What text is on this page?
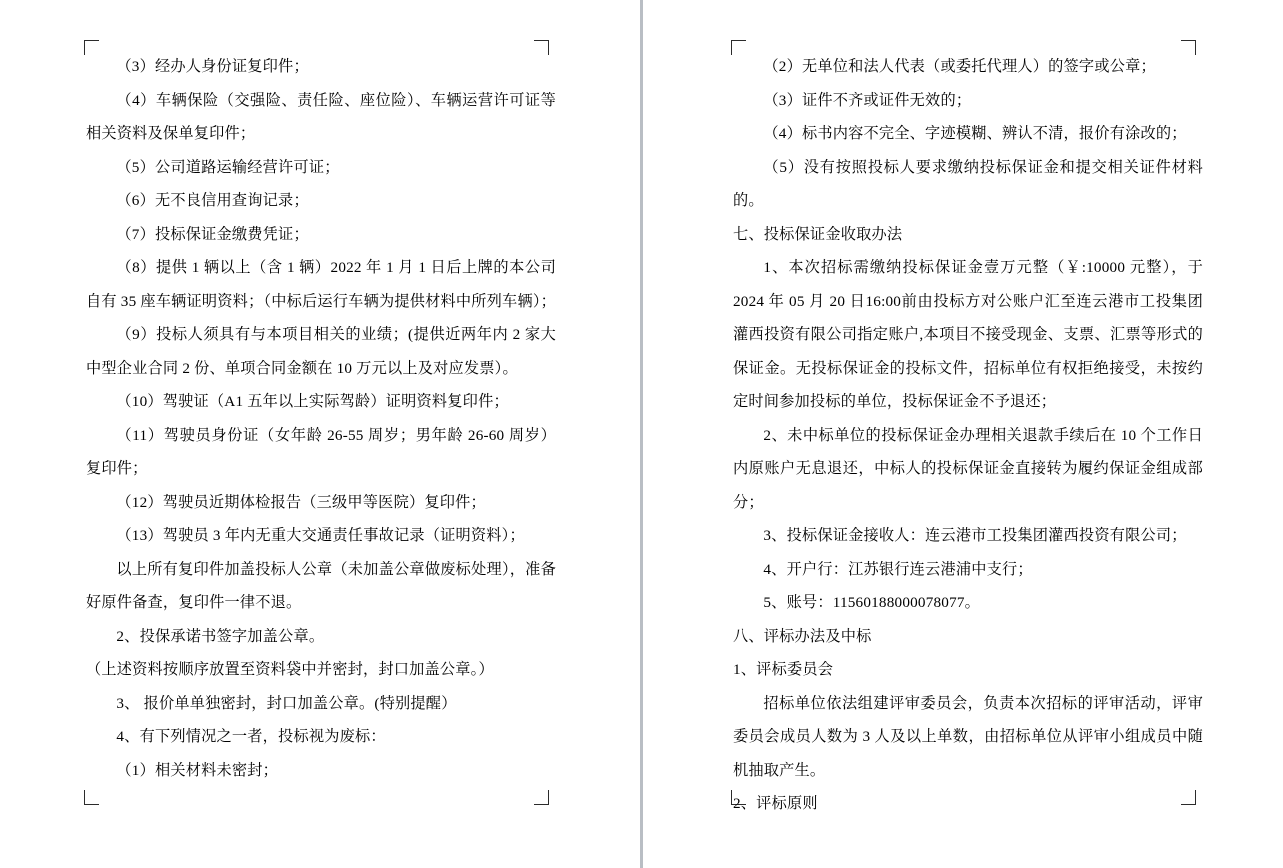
（3）经办人身份证复印件；

（4）车辆保险（交强险、责任险、座位险）、车辆运营许可证等相关资料及保单复印件；

（5）公司道路运输经营许可证；

（6）无不良信用查询记录；

（7）投标保证金缴费凭证；

（8）提供 1 辆以上（含 1 辆）2022 年 1 月 1 日后上牌的本公司自有 35 座车辆证明资料；（中标后运行车辆为提供材料中所列车辆）；

（9）投标人须具有与本项目相关的业绩；(提供近两年内 2 家大中型企业合同 2 份、单项合同金额在 10 万元以上及对应发票）。

（10）驾驶证（A1 五年以上实际驾龄）证明资料复印件；

（11）驾驶员身份证（女年龄 26-55 周岁；男年龄 26-60 周岁）复印件；

（12）驾驶员近期体检报告（三级甲等医院）复印件；

（13）驾驶员 3 年内无重大交通责任事故记录（证明资料）；

以上所有复印件加盖投标人公章（未加盖公章做废标处理），准备好原件备查，复印件一律不退。

2、投保承诺书签字加盖公章。

（上述资料按顺序放置至资料袋中并密封，封口加盖公章。）

3、 报价单单独密封，封口加盖公章。(特别提醒）

4、有下列情况之一者，投标视为废标：

（1）相关材料未密封；

（2）无单位和法人代表（或委托代理人）的签字或公章；

（3）证件不齐或证件无效的；

（4）标书内容不完全、字迹模糊、辨认不清，报价有涂改的；

（5）没有按照投标人要求缴纳投标保证金和提交相关证件材料的。

七、投标保证金收取办法

1、本次招标需缴纳投标保证金壹万元整（￥:10000 元整），于 2024 年 05 月 20 日16:00前由投标方对公账户汇至连云港市工投集团灌西投资有限公司指定账户,本项目不接受现金、支票、汇票等形式的保证金。无投标保证金的投标文件，招标单位有权拒绝接受，未按约定时间参加投标的单位，投标保证金不予退还；

2、未中标单位的投标保证金办理相关退款手续后在 10 个工作日内原账户无息退还，中标人的投标保证金直接转为履约保证金组成部分；

3、投标保证金接收人：连云港市工投集团灌西投资有限公司；

4、开户行：江苏银行连云港浦中支行；

5、账号：11560188000078077。

八、评标办法及中标

1、评标委员会

招标单位依法组建评审委员会，负责本次招标的评审活动，评审委员会成员人数为 3 人及以上单数，由招标单位从评审小组成员中随机抽取产生。

2、评标原则
